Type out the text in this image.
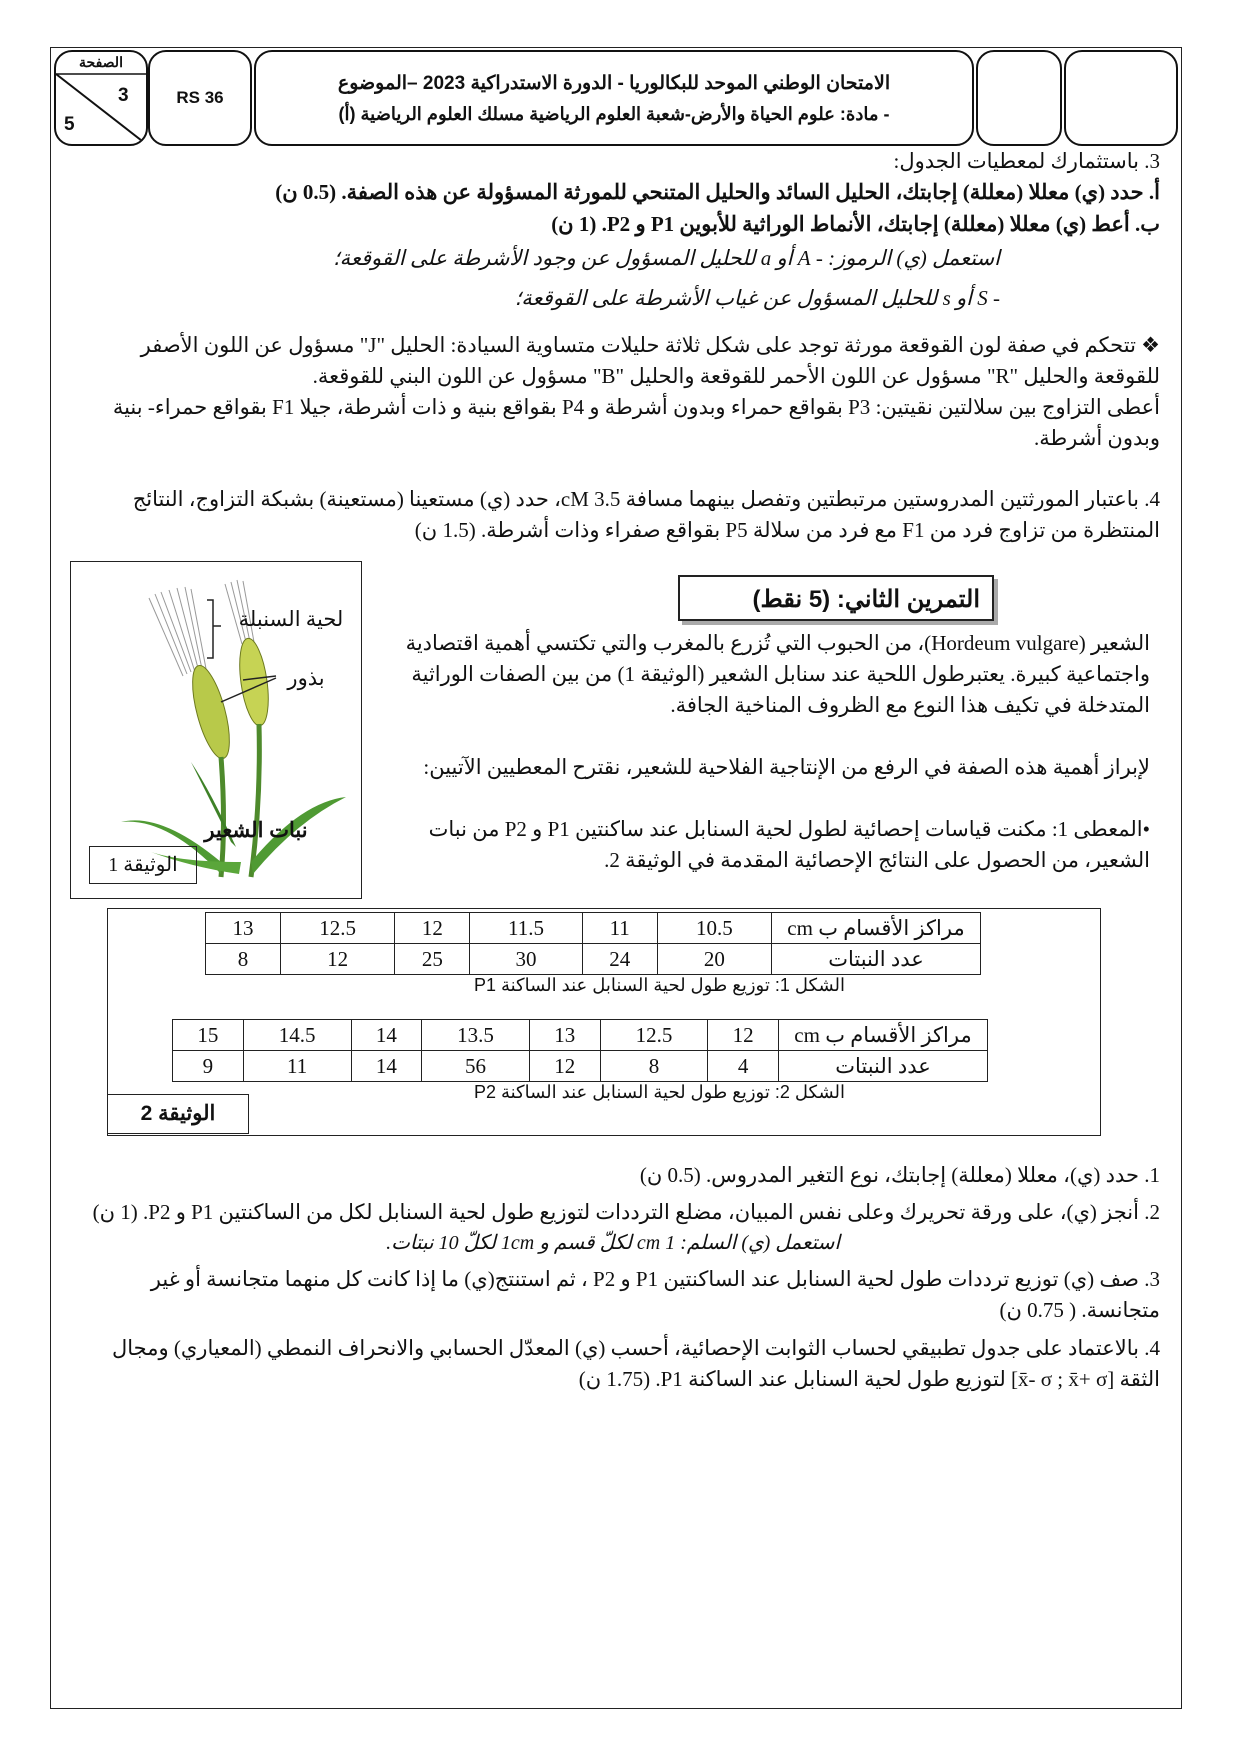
الصفحة
3
5
RS 36
الامتحان الوطني الموحد للبكالوريا - الدورة الاستدراكية 2023 –الموضوع
- مادة: علوم الحياة والأرض-شعبة العلوم الرياضية مسلك العلوم الرياضية (أ)
3. باستثمارك لمعطيات الجدول:
أ. حدد (ي) معللا (معللة) إجابتك، الحليل السائد والحليل المتنحي للمورثة المسؤولة عن هذه الصفة. (0.5 ن)
ب. أعط (ي) معللا (معللة) إجابتك، الأنماط الوراثية للأبوين P1 و P2. (1 ن)
استعمل (ي) الرموز: - A أو a للحليل المسؤول عن وجود الأشرطة على القوقعة؛
- S أو s للحليل المسؤول عن غياب الأشرطة على القوقعة؛
❖ تتحكم في صفة لون القوقعة مورثة توجد على شكل ثلاثة حليلات متساوية السيادة: الحليل "J" مسؤول عن اللون الأصفر للقوقعة والحليل "R" مسؤول عن اللون الأحمر للقوقعة والحليل "B" مسؤول عن اللون البني للقوقعة.
أعطى التزاوج بين سلالتين نقيتين: P3 بقواقع حمراء وبدون أشرطة و P4 بقواقع بنية و ذات أشرطة، جيلا F1 بقواقع حمراء- بنية وبدون أشرطة.
4. باعتبار المورثتين المدروستين مرتبطتين وتفصل بينهما مسافة 3.5 cM، حدد (ي) مستعينا (مستعينة) بشبكة التزاوج، النتائج المنتظرة من تزاوج فرد من F1 مع فرد من سلالة P5 بقواقع صفراء وذات أشرطة. (1.5 ن)
لحية السنبلة
بذور
نبات الشعير
الوثيقة 1
التمرين الثاني: (5 نقط)
الشعير (Hordeum vulgare)، من الحبوب التي تُزرع بالمغرب والتي تكتسي أهمية اقتصادية واجتماعية كبيرة. يعتبرطول اللحية عند سنابل الشعير (الوثيقة 1) من بين الصفات الوراثية المتدخلة في تكيف هذا النوع مع الظروف المناخية الجافة.
لإبراز أهمية هذه الصفة في الرفع من الإنتاجية الفلاحية للشعير، نقترح المعطيين الآتيين:
•المعطى 1: مكنت قياسات إحصائية لطول لحية السنابل عند ساكنتين P1 و P2 من نبات الشعير، من الحصول على النتائج الإحصائية المقدمة في الوثيقة 2.
مراكز الأقسام ب cm	10.5	11	11.5	12	12.5	13
عدد النبتات	20	24	30	25	12	8
الشكل 1: توزيع طول لحية السنابل عند الساكنة P1
مراكز الأقسام ب cm	12	12.5	13	13.5	14	14.5	15
عدد النبتات	4	8	12	56	14	11	9
الشكل 2: توزيع طول لحية السنابل عند الساكنة P2
الوثيقة 2
1. حدد (ي)، معللا (معللة) إجابتك، نوع التغير المدروس. (0.5 ن)
2. أنجز (ي)، على ورقة تحريرك وعلى نفس المبيان، مضلع الترددات لتوزيع طول لحية السنابل لكل من الساكنتين P1 و P2. (1 ن)
استعمل (ي) السلم: 1 cm لكلّ قسم و 1cm لكلّ 10 نبتات.
3. صف (ي) توزيع ترددات طول لحية السنابل عند الساكنتين P1 و P2 ، ثم استنتج(ي) ما إذا كانت كل منهما متجانسة أو غير متجانسة. ( 0.75 ن)
4. بالاعتماد على جدول تطبيقي لحساب الثوابت الإحصائية، أحسب (ي) المعدّل الحسابي والانحراف النمطي (المعياري) ومجال الثقة [x̄- σ ; x̄+ σ] لتوزيع طول لحية السنابل عند الساكنة P1. (1.75 ن)
